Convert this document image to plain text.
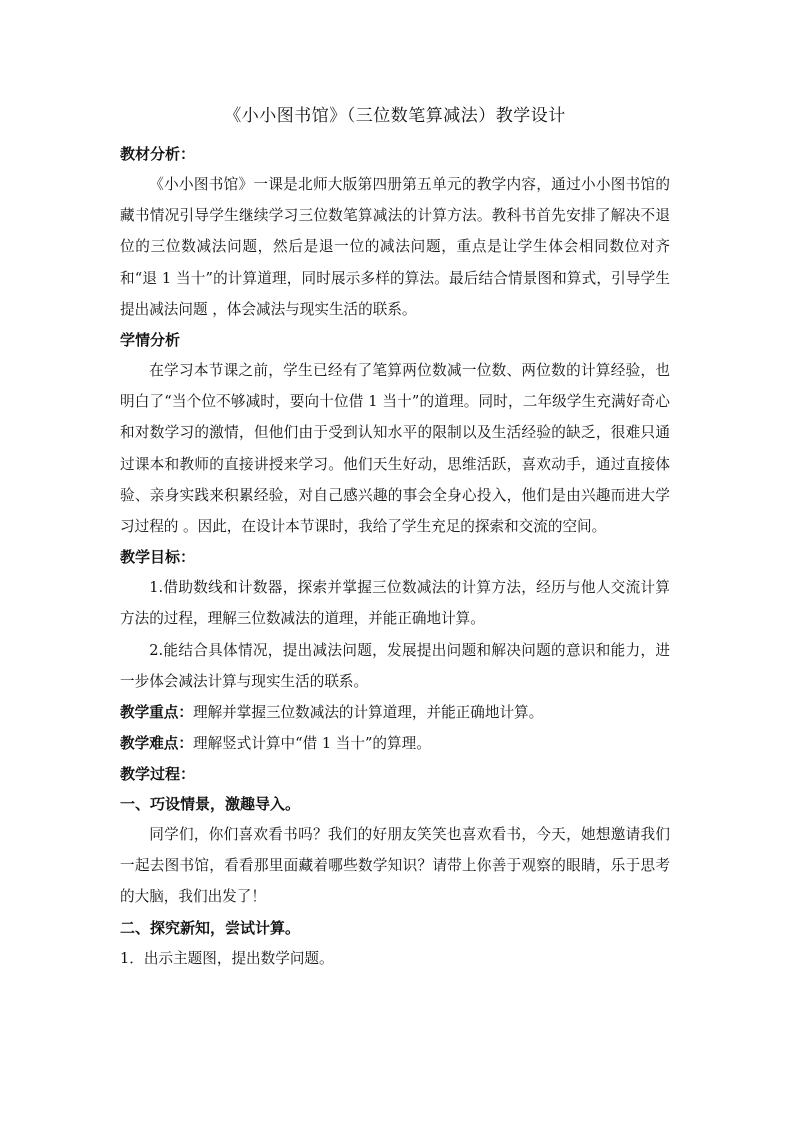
《小小图书馆》（三位数笔算减法）教学设计

教材分析：

《小小图书馆》一课是北师大版第四册第五单元的教学内容，通过小小图书馆的藏书情况引导学生继续学习三位数笔算减法的计算方法。教科书首先安排了解决不退位的三位数减法问题，然后是退一位的减法问题，重点是让学生体会相同数位对齐和“退 1 当十”的计算道理，同时展示多样的算法。最后结合情景图和算式，引导学生提出减法问题 ，体会减法与现实生活的联系。

学情分析

在学习本节课之前，学生已经有了笔算两位数减一位数、两位数的计算经验，也明白了“当个位不够减时，要向十位借 1 当十”的道理。同时，二年级学生充满好奇心和对数学习的激情，但他们由于受到认知水平的限制以及生活经验的缺乏，很难只通过课本和教师的直接讲授来学习。他们天生好动，思维活跃，喜欢动手，通过直接体验、亲身实践来积累经验，对自己感兴趣的事会全身心投入，他们是由兴趣而进大学习过程的 。因此，在设计本节课时，我给了学生充足的探索和交流的空间。

教学目标：

1.借助数线和计数器，探索并掌握三位数减法的计算方法，经历与他人交流计算方法的过程，理解三位数减法的道理，并能正确地计算。

2.能结合具体情况，提出减法问题，发展提出问题和解决问题的意识和能力，进一步体会减法计算与现实生活的联系。

教学重点：理解并掌握三位数减法的计算道理，并能正确地计算。

教学难点：理解竖式计算中“借 1 当十”的算理。

教学过程：

一、巧设情景，激趣导入。

同学们，你们喜欢看书吗？我们的好朋友笑笑也喜欢看书，今天，她想邀请我们一起去图书馆，看看那里面藏着哪些数学知识？请带上你善于观察的眼睛，乐于思考的大脑，我们出发了！

二、探究新知，尝试计算。

1．出示主题图，提出数学问题。
